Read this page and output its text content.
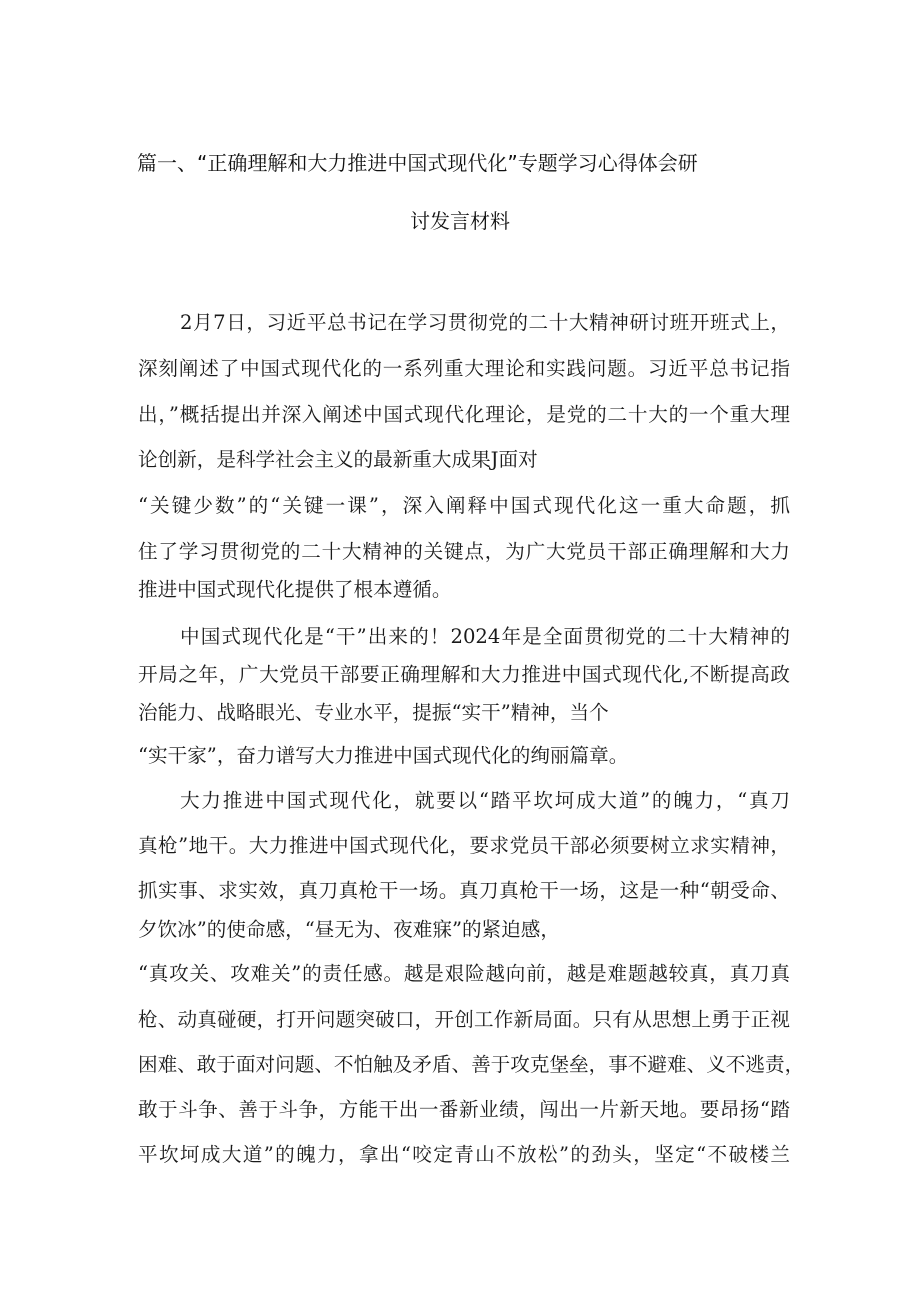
篇一、“正确理解和大力推进中国式现代化”专题学习心得体会研
讨发言材料
2月7日，习近平总书记在学习贯彻党的二十大精神研讨班开班式上，
深刻阐述了中国式现代化的一系列重大理论和实践问题。习近平总书记指
出，”概括提出并深入阐述中国式现代化理论，是党的二十大的一个重大理
论创新，是科学社会主义的最新重大成果J面对
“关键少数”的“关键一课”，深入阐释中国式现代化这一重大命题，抓
住了学习贯彻党的二十大精神的关键点，为广大党员干部正确理解和大力
推进中国式现代化提供了根本遵循。
中国式现代化是“干”出来的！2024年是全面贯彻党的二十大精神的
开局之年，广大党员干部要正确理解和大力推进中国式现代化,不断提高政
治能力、战略眼光、专业水平，提振“实干”精神，当个
“实干家”，奋力谱写大力推进中国式现代化的绚丽篇章。
大力推进中国式现代化，就要以“踏平坎坷成大道”的魄力，“真刀
真枪”地干。大力推进中国式现代化，要求党员干部必须要树立求实精神，
抓实事、求实效，真刀真枪干一场。真刀真枪干一场，这是一种“朝受命、
夕饮冰”的使命感，“昼无为、夜难寐”的紧迫感，
“真攻关、攻难关”的责任感。越是艰险越向前，越是难题越较真，真刀真
枪、动真碰硬，打开问题突破口，开创工作新局面。只有从思想上勇于正视
困难、敢于面对问题、不怕触及矛盾、善于攻克堡垒，事不避难、义不逃责，
敢于斗争、善于斗争，方能干出一番新业绩，闯出一片新天地。要昂扬“踏
平坎坷成大道”的魄力，拿出“咬定青山不放松”的劲头，坚定“不破楼兰
